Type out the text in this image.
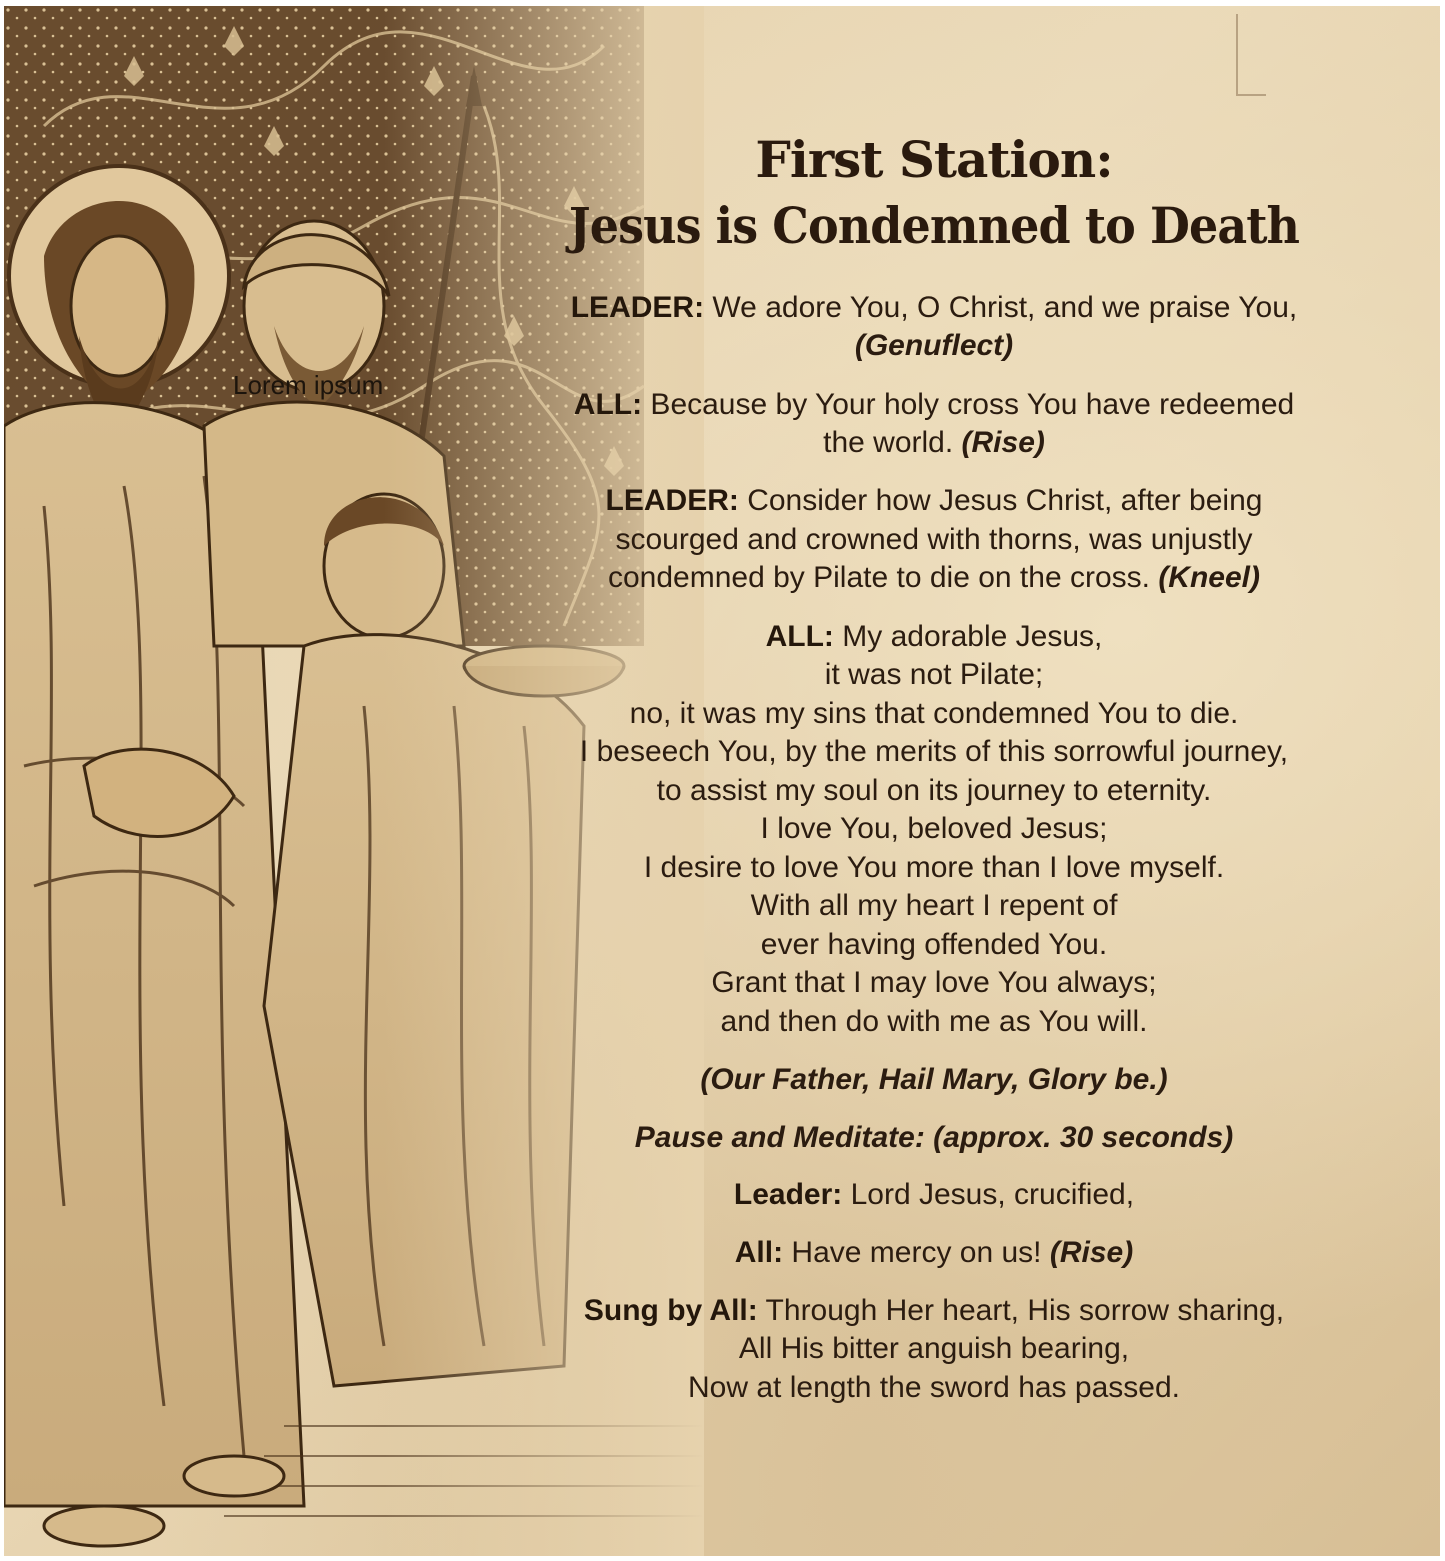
Lorem ipsum
First Station:
Jesus is Condemned to Death
LEADER: We adore You, O Christ, and we praise You,
(Genuflect)
ALL: Because by Your holy cross You have redeemed
the world. (Rise)
LEADER: Consider how Jesus Christ, after being
scourged and crowned with thorns, was unjustly
condemned by Pilate to die on the cross. (Kneel)
ALL: My adorable Jesus,
it was not Pilate;
no, it was my sins that condemned You to die.
I beseech You, by the merits of this sorrowful journey,
to assist my soul on its journey to eternity.
I love You, beloved Jesus;
I desire to love You more than I love myself.
With all my heart I repent of
ever having offended You.
Grant that I may love You always;
and then do with me as You will.
(Our Father, Hail Mary, Glory be.)
Pause and Meditate: (approx. 30 seconds)
Leader: Lord Jesus, crucified,
All: Have mercy on us! (Rise)
Sung by All: Through Her heart, His sorrow sharing,
All His bitter anguish bearing,
Now at length the sword has passed.
